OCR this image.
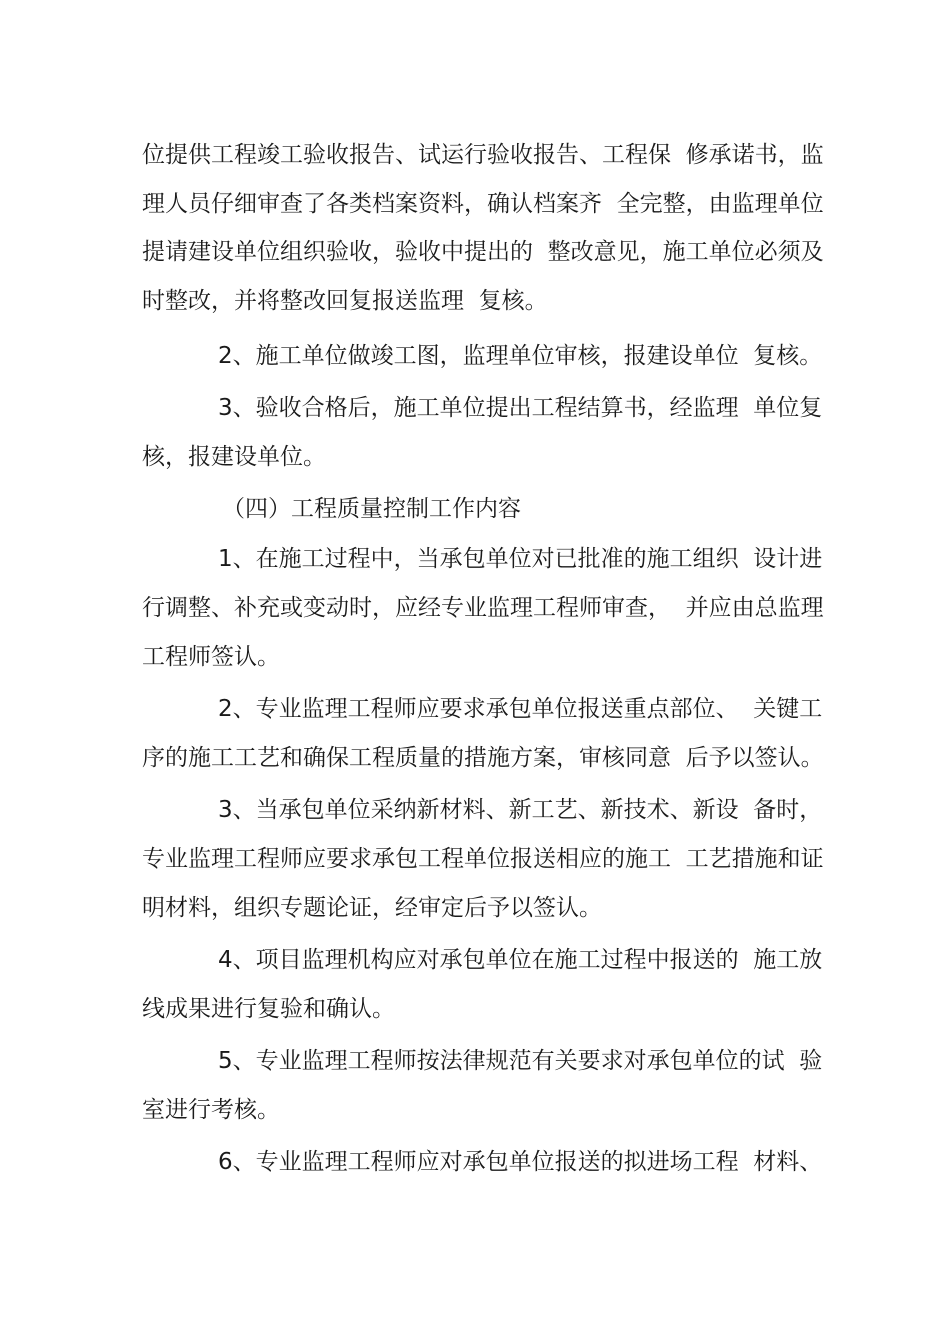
位提供工程竣工验收报告、试运行验收报告、工程保  修承诺书，监
理人员仔细审查了各类档案资料，确认档案齐  全完整，由监理单位
提请建设单位组织验收，验收中提出的  整改意见，施工单位必须及
时整改，并将整改回复报送监理  复核。
2、施工单位做竣工图，监理单位审核，报建设单位  复核。
3、验收合格后，施工单位提出工程结算书，经监理  单位复
核，报建设单位。
（四）工程质量控制工作内容
1、在施工过程中，当承包单位对已批准的施工组织  设计进
行调整、补充或变动时，应经专业监理工程师审查，  并应由总监理
工程师签认。
2、专业监理工程师应要求承包单位报送重点部位、  关键工
序的施工工艺和确保工程质量的措施方案，审核同意  后予以签认。
3、当承包单位采纳新材料、新工艺、新技术、新设  备时，
专业监理工程师应要求承包工程单位报送相应的施工  工艺措施和证
明材料，组织专题论证，经审定后予以签认。
4、项目监理机构应对承包单位在施工过程中报送的  施工放
线成果进行复验和确认。
5、专业监理工程师按法律规范有关要求对承包单位的试  验
室进行考核。
6、专业监理工程师应对承包单位报送的拟进场工程  材料、
